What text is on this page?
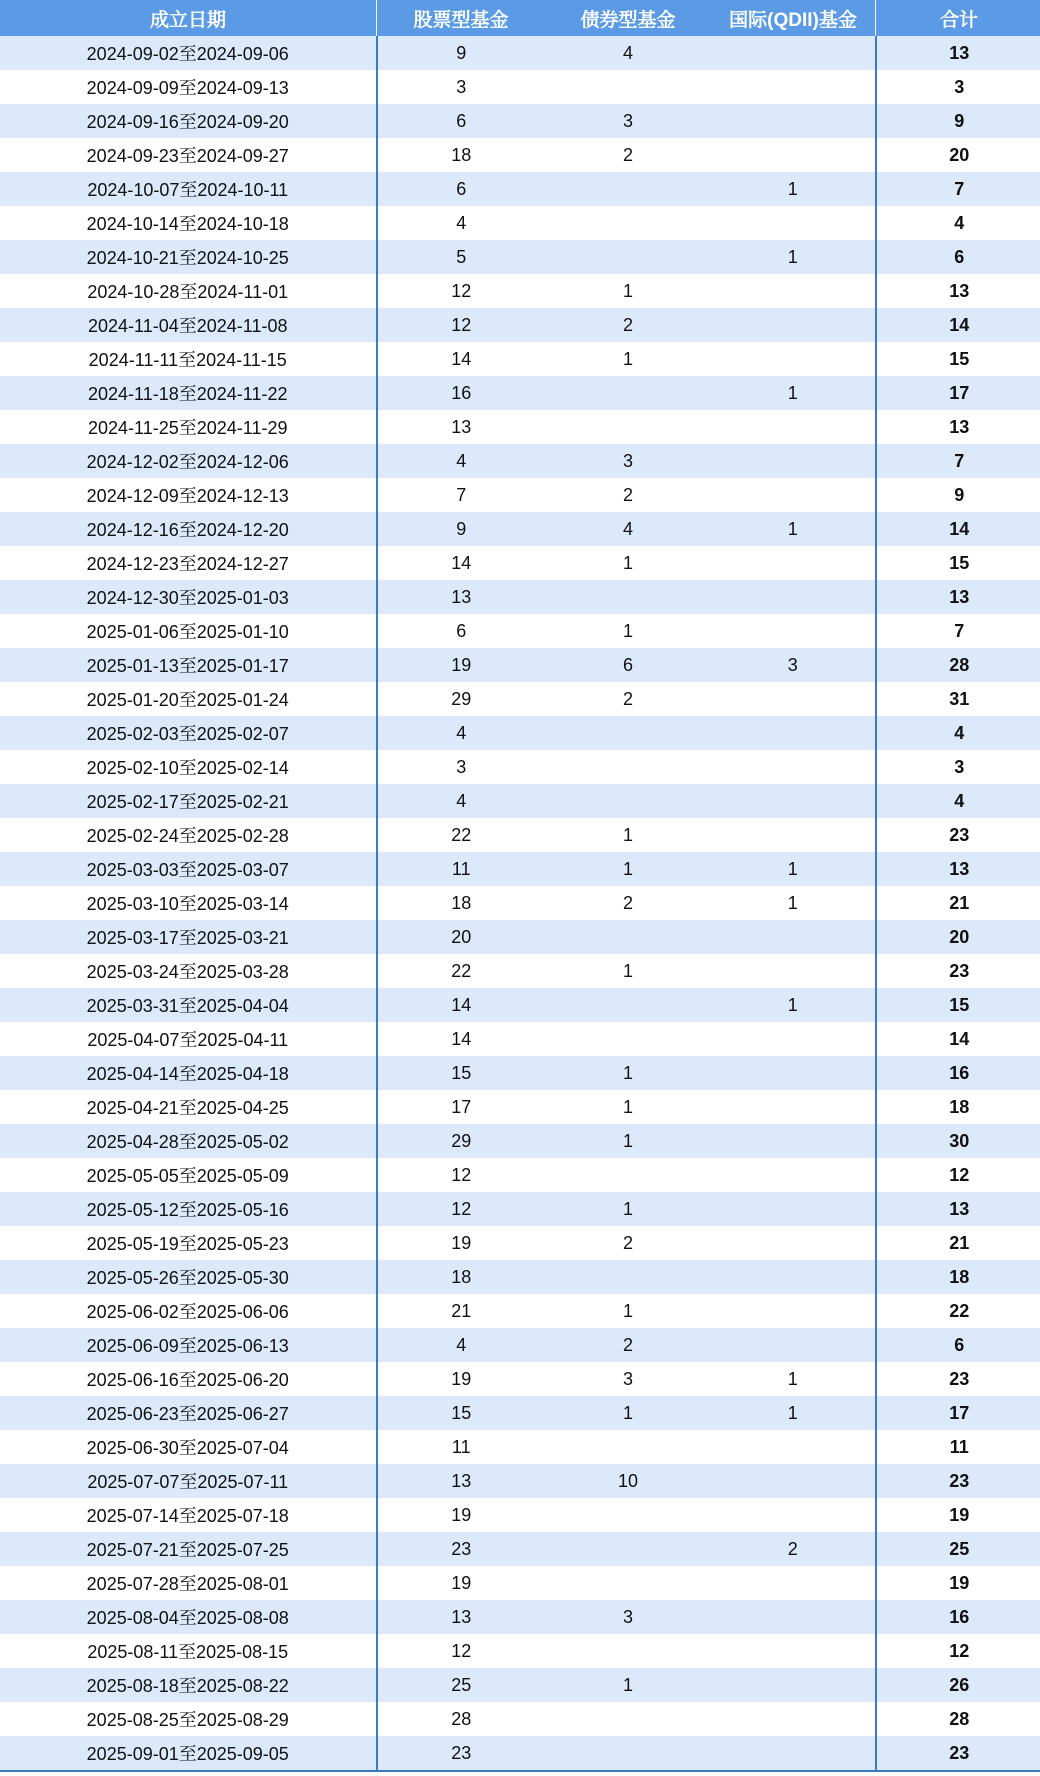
成立日期	股票型基金	债券型基金	国际(QDII)基金	合计
2024-09-02至2024-09-06	9	4		13
2024-09-09至2024-09-13	3			3
2024-09-16至2024-09-20	6	3		9
2024-09-23至2024-09-27	18	2		20
2024-10-07至2024-10-11	6		1	7
2024-10-14至2024-10-18	4			4
2024-10-21至2024-10-25	5		1	6
2024-10-28至2024-11-01	12	1		13
2024-11-04至2024-11-08	12	2		14
2024-11-11至2024-11-15	14	1		15
2024-11-18至2024-11-22	16		1	17
2024-11-25至2024-11-29	13			13
2024-12-02至2024-12-06	4	3		7
2024-12-09至2024-12-13	7	2		9
2024-12-16至2024-12-20	9	4	1	14
2024-12-23至2024-12-27	14	1		15
2024-12-30至2025-01-03	13			13
2025-01-06至2025-01-10	6	1		7
2025-01-13至2025-01-17	19	6	3	28
2025-01-20至2025-01-24	29	2		31
2025-02-03至2025-02-07	4			4
2025-02-10至2025-02-14	3			3
2025-02-17至2025-02-21	4			4
2025-02-24至2025-02-28	22	1		23
2025-03-03至2025-03-07	11	1	1	13
2025-03-10至2025-03-14	18	2	1	21
2025-03-17至2025-03-21	20			20
2025-03-24至2025-03-28	22	1		23
2025-03-31至2025-04-04	14		1	15
2025-04-07至2025-04-11	14			14
2025-04-14至2025-04-18	15	1		16
2025-04-21至2025-04-25	17	1		18
2025-04-28至2025-05-02	29	1		30
2025-05-05至2025-05-09	12			12
2025-05-12至2025-05-16	12	1		13
2025-05-19至2025-05-23	19	2		21
2025-05-26至2025-05-30	18			18
2025-06-02至2025-06-06	21	1		22
2025-06-09至2025-06-13	4	2		6
2025-06-16至2025-06-20	19	3	1	23
2025-06-23至2025-06-27	15	1	1	17
2025-06-30至2025-07-04	11			11
2025-07-07至2025-07-11	13	10		23
2025-07-14至2025-07-18	19			19
2025-07-21至2025-07-25	23		2	25
2025-07-28至2025-08-01	19			19
2025-08-04至2025-08-08	13	3		16
2025-08-11至2025-08-15	12			12
2025-08-18至2025-08-22	25	1		26
2025-08-25至2025-08-29	28			28
2025-09-01至2025-09-05	23			23
